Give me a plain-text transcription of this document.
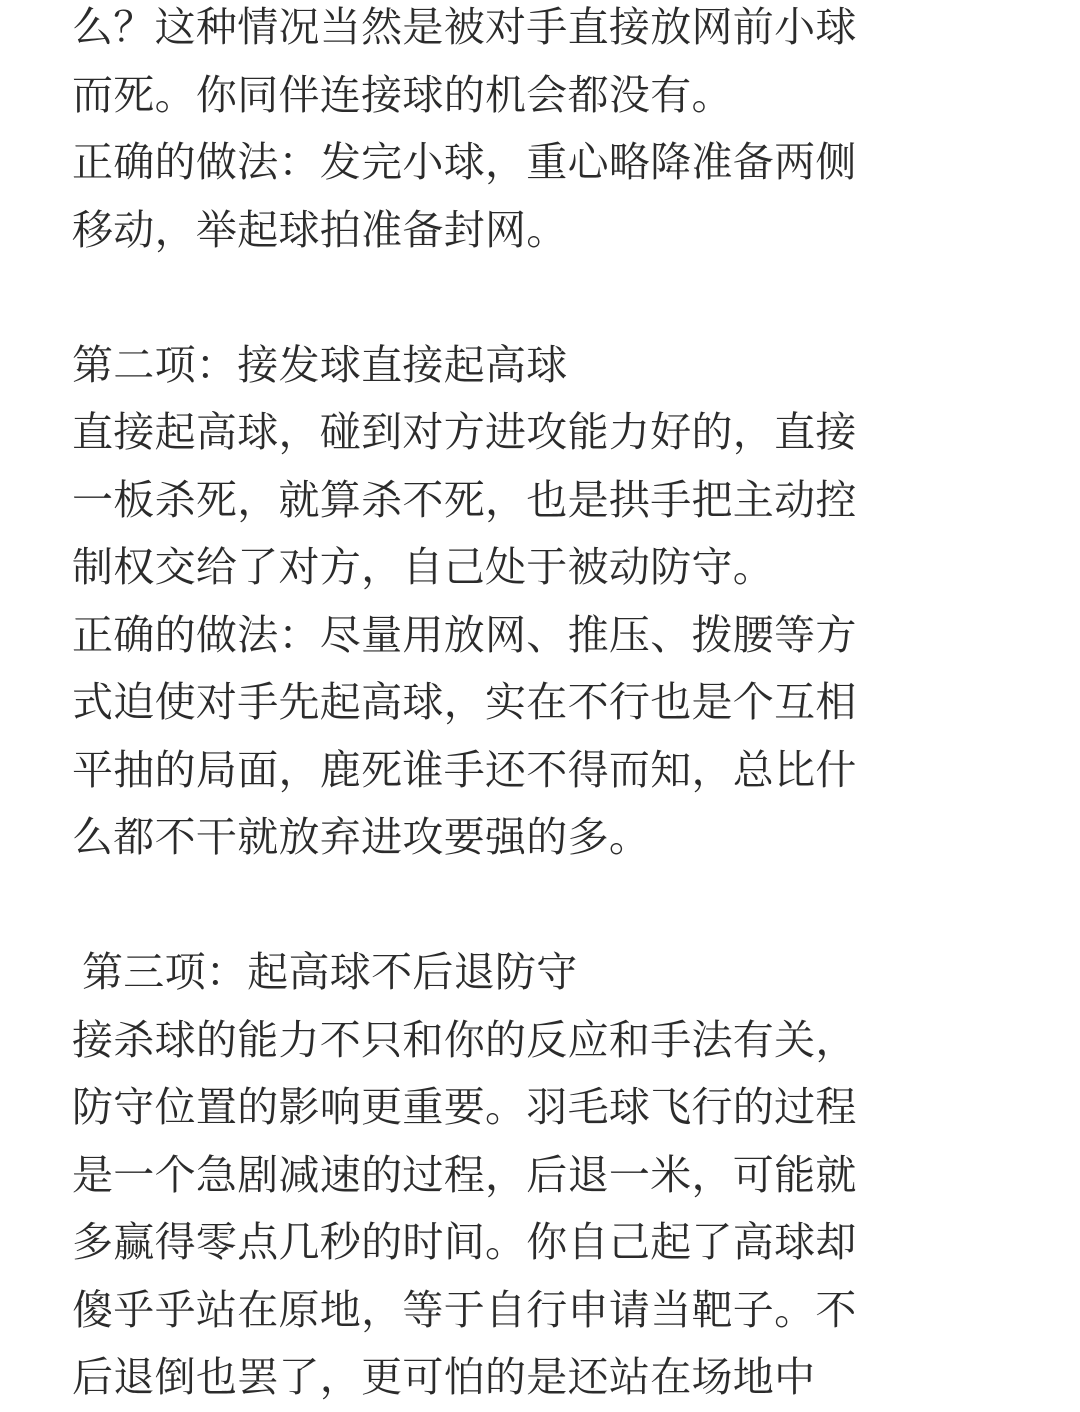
么？这种情况当然是被对手直接放网前小球
而死。你同伴连接球的机会都没有。
正确的做法：发完小球，重心略降准备两侧
移动，举起球拍准备封网。
第二项：接发球直接起高球
直接起高球，碰到对方进攻能力好的，直接
一板杀死，就算杀不死，也是拱手把主动控
制权交给了对方，自己处于被动防守。
正确的做法：尽量用放网、推压、拨腰等方
式迫使对手先起高球，实在不行也是个互相
平抽的局面，鹿死谁手还不得而知，总比什
么都不干就放弃进攻要强的多。
第三项：起高球不后退防守
接杀球的能力不只和你的反应和手法有关，
防守位置的影响更重要。羽毛球飞行的过程
是一个急剧减速的过程，后退一米，可能就
多赢得零点几秒的时间。你自己起了高球却
傻乎乎站在原地，等于自行申请当靶子。不
后退倒也罢了，更可怕的是还站在场地中
